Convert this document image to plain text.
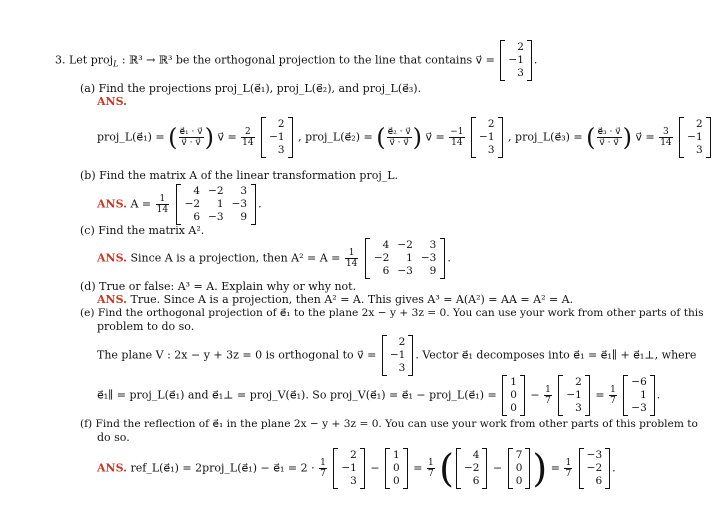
3. Let proj$_L$ : ℝ³ → ℝ³ be the orthogonal projection to the line that contains v⃗ =
2
−1
3
.
(a) Find the projections proj_L(e⃗₁), proj_L(e⃗₂), and proj_L(e⃗₃).
ANS.
proj_L(e⃗₁) = ( $\frac{\text{e⃗₁ · v⃗}}{v⃗ \cdot v⃗}$ ) v⃗ = $\frac{2}{14}$

2
−1
3
, proj_L(e⃗₂) = ( $\frac{\text{e⃗₂ · v⃗}}{v⃗ \cdot v⃗}$ ) v⃗ = $\frac{-1}{14}$

2
−1
3
, proj_L(e⃗₃) = ( $\frac{\text{e⃗₃ · v⃗}}{v⃗ \cdot v⃗}$ ) v⃗ = $\frac{3}{14}$

2
−1
3
(b) Find the matrix A of the linear transformation proj_L.
ANS. $A = \frac{1}{14}$

4 −2	3
−2	1 −3
6 −3	9
.
(c) Find the matrix A².
ANS. Since A is a projection, then $A^2 = A = \frac{1}{14}$

4 −2	3
−2	1 −3
6 −3	9
.
(d) True or false: A³ = A. Explain why or why not.
ANS. True. Since A is a projection, then A² = A. This gives A³ = A(A²) = AA = A² = A.
(e) Find the orthogonal projection of e⃗₁ to the plane 2x − y + 3z = 0. You can use your work from other parts of this
problem to do so.
The plane V : 2x − y + 3z = 0 is orthogonal to v⃗ =
2
−1
3
. Vector e⃗₁ decomposes into e⃗₁ = e⃗₁∥ + e⃗₁⊥, where
e⃗₁∥ = proj_L(e⃗₁) and e⃗₁⊥ = proj_V(e⃗₁). So proj_V(e⃗₁) = e⃗₁ − proj_L(e⃗₁) =
1
0
0
− $\frac{1}{7}$

2
−1
3
= $\frac{1}{7}$

−6
1
−3
.
(f) Find the reflection of e⃗₁ in the plane 2x − y + 3z = 0. You can use your work from other parts of this problem to
do so.
ANS. ref_L(e⃗₁) = 2proj_L(e⃗₁) − e⃗₁ = $2 \cdot \frac{1}{7}$

2
−1
3
−
1
0
0
= $\frac{1}{7}$ (	4
−2
6
−
7
0
0 ) = $\frac{1}{7}$

−3
−2
6
.
